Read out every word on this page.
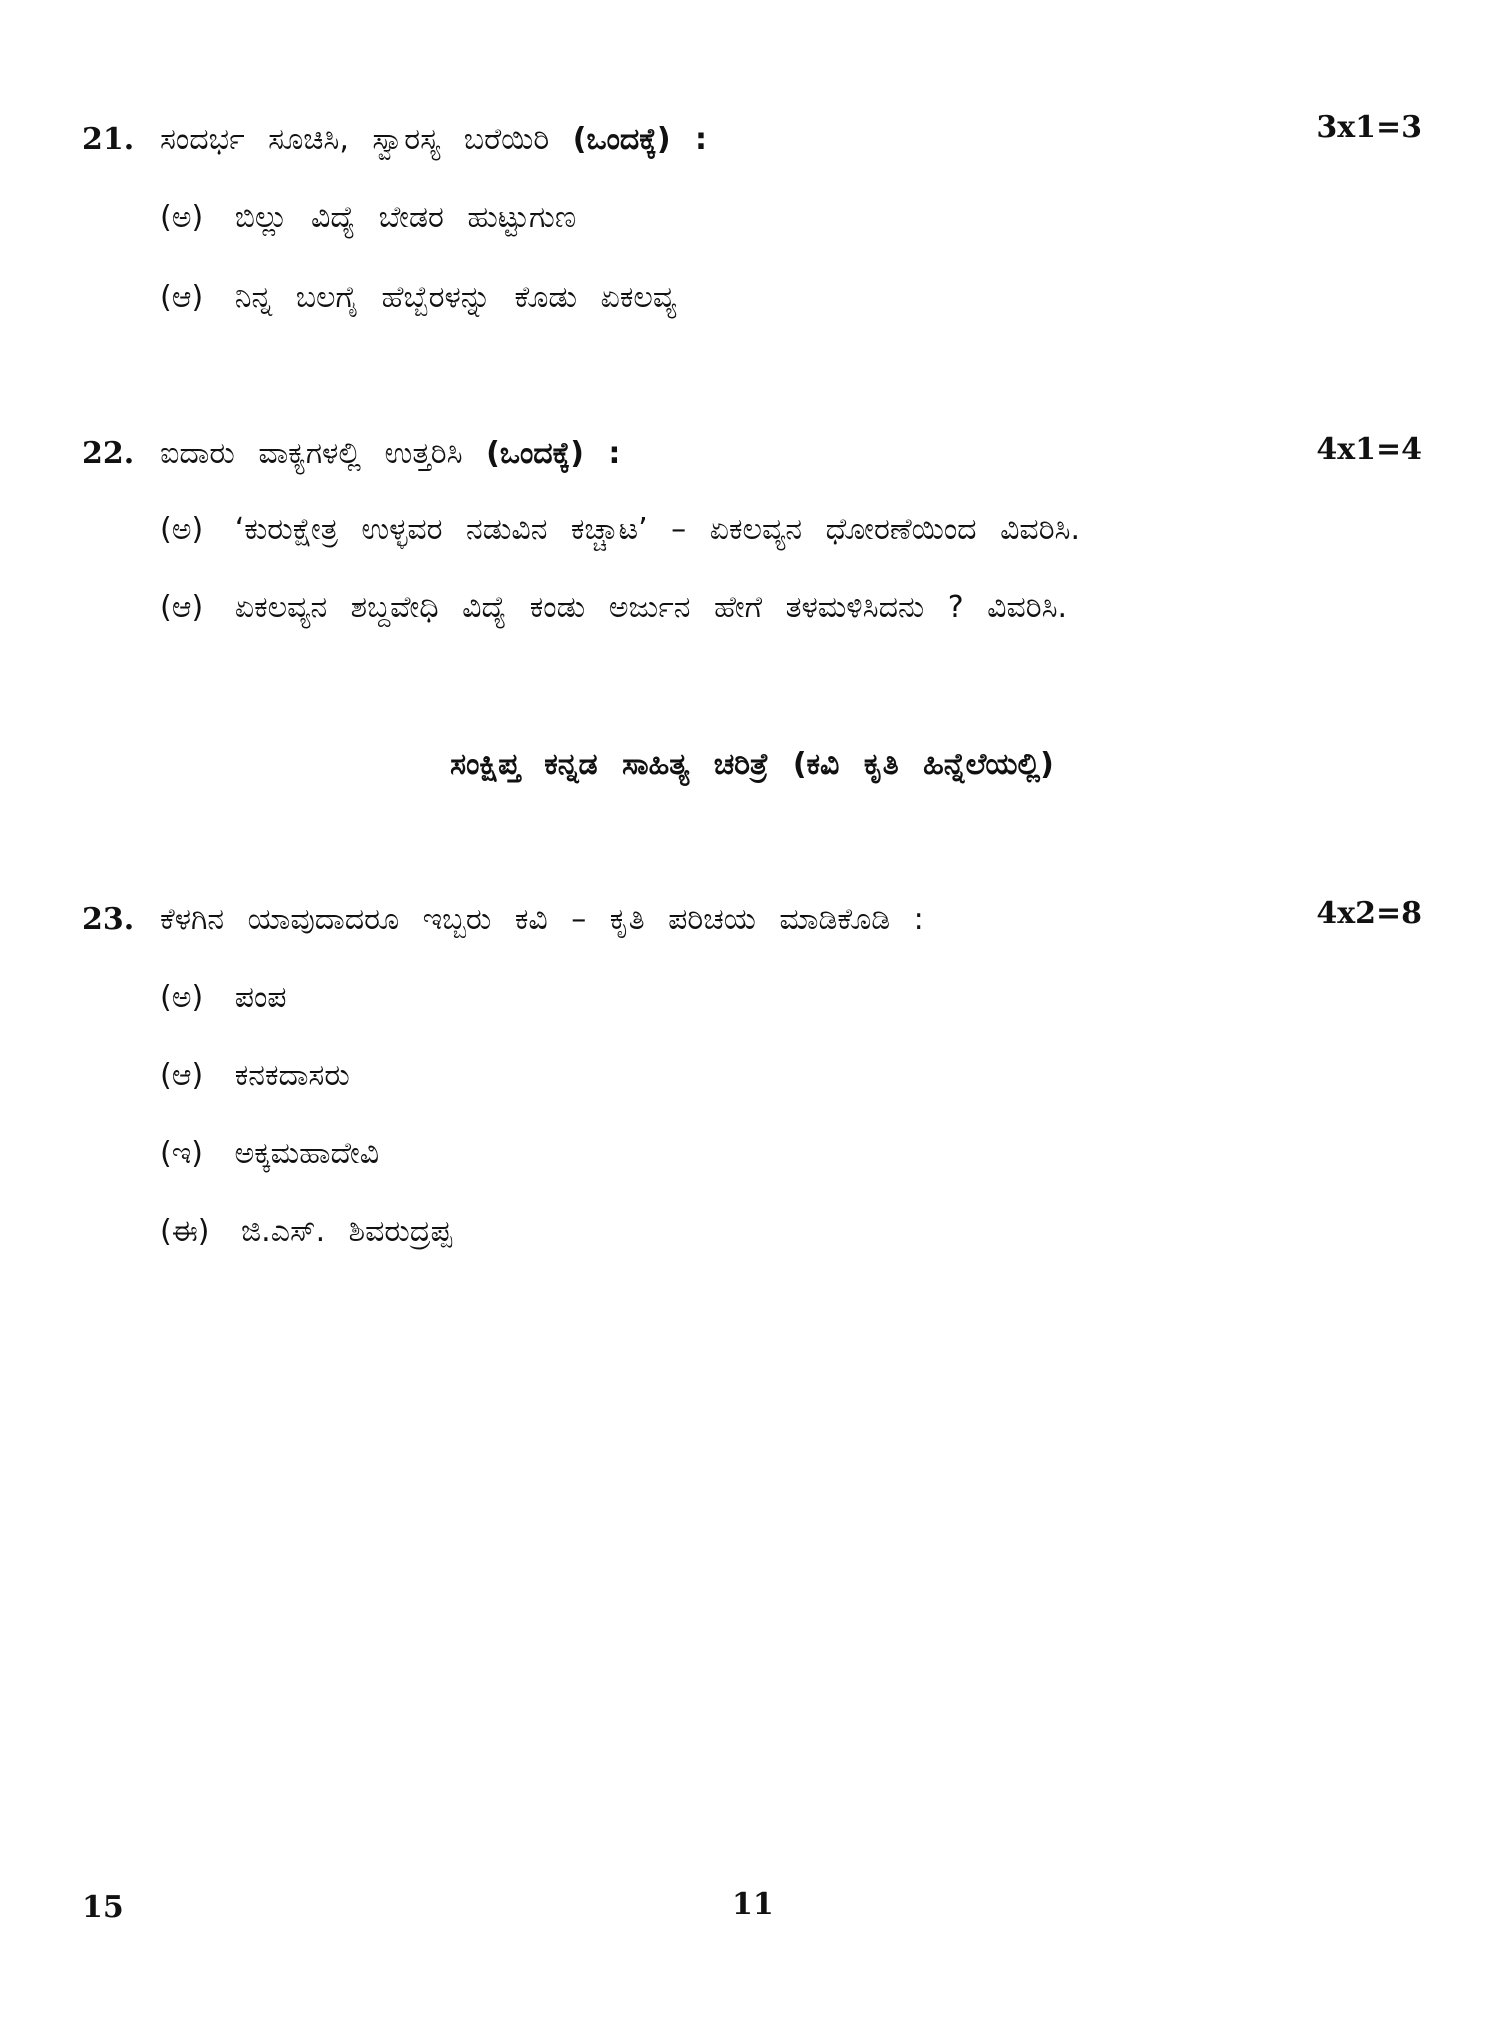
21. ಸಂದರ್ಭ ಸೂಚಿಸಿ, ಸ್ವಾರಸ್ಯ ಬರೆಯಿರಿ (ಒಂದಕ್ಕೆ) :	3x1=3
(ಅ) ಬಿಲ್ಲು ವಿದ್ಯೆ ಬೇಡರ ಹುಟ್ಟುಗುಣ
(ಆ) ನಿನ್ನ ಬಲಗೈ ಹೆಬ್ಬೆರಳನ್ನು ಕೊಡು ಏಕಲವ್ಯ
22. ಐದಾರು ವಾಕ್ಯಗಳಲ್ಲಿ ಉತ್ತರಿಸಿ (ಒಂದಕ್ಕೆ) :	4x1=4
(ಅ) ‘ಕುರುಕ್ಷೇತ್ರ ಉಳ್ಳವರ ನಡುವಿನ ಕಚ್ಚಾಟ’ – ಏಕಲವ್ಯನ ಧೋರಣೆಯಿಂದ ವಿವರಿಸಿ.
(ಆ) ಏಕಲವ್ಯನ ಶಬ್ದವೇಧಿ ವಿದ್ಯೆ ಕಂಡು ಅರ್ಜುನ ಹೇಗೆ ತಳಮಳಿಸಿದನು ? ವಿವರಿಸಿ.
ಸಂಕ್ಷಿಪ್ತ ಕನ್ನಡ ಸಾಹಿತ್ಯ ಚರಿತ್ರೆ (ಕವಿ ಕೃತಿ ಹಿನ್ನೆಲೆಯಲ್ಲಿ)
23. ಕೆಳಗಿನ ಯಾವುದಾದರೂ ಇಬ್ಬರು ಕವಿ – ಕೃತಿ ಪರಿಚಯ ಮಾಡಿಕೊಡಿ :	4x2=8
(ಅ) ಪಂಪ
(ಆ) ಕನಕದಾಸರು
(ಇ) ಅಕ್ಕಮಹಾದೇವಿ
(ಈ) ಜಿ.ಎಸ್. ಶಿವರುದ್ರಪ್ಪ
15	11
